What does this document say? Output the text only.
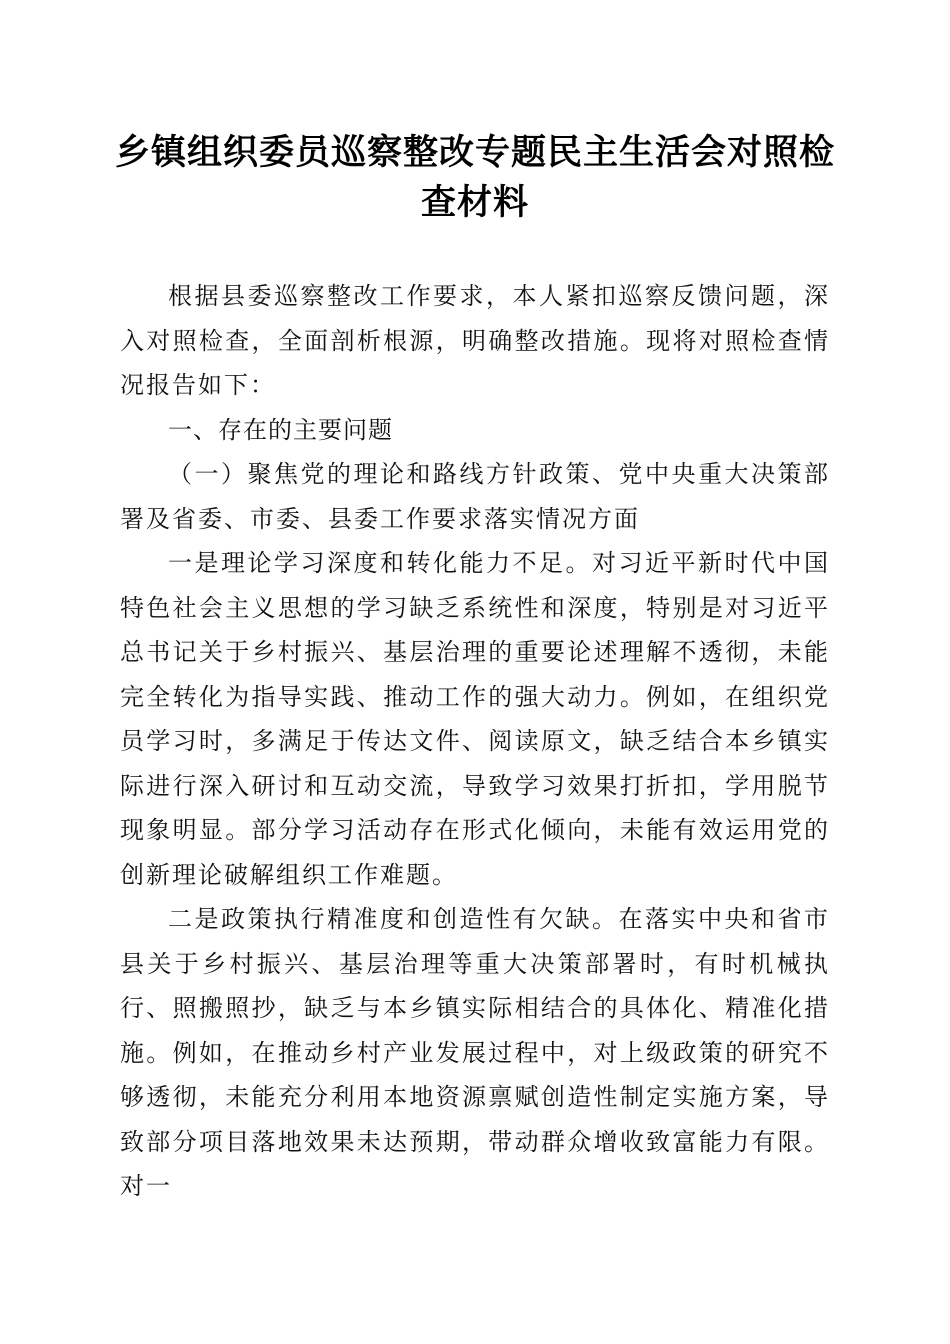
乡镇组织委员巡察整改专题民主生活会对照检查材料

根据县委巡察整改工作要求，本人紧扣巡察反馈问题，深入对照检查，全面剖析根源，明确整改措施。现将对照检查情况报告如下：

一、存在的主要问题

（一）聚焦党的理论和路线方针政策、党中央重大决策部署及省委、市委、县委工作要求落实情况方面

一是理论学习深度和转化能力不足。对习近平新时代中国特色社会主义思想的学习缺乏系统性和深度，特别是对习近平总书记关于乡村振兴、基层治理的重要论述理解不透彻，未能完全转化为指导实践、推动工作的强大动力。例如，在组织党员学习时，多满足于传达文件、阅读原文，缺乏结合本乡镇实际进行深入研讨和互动交流，导致学习效果打折扣，学用脱节现象明显。部分学习活动存在形式化倾向，未能有效运用党的创新理论破解组织工作难题。

二是政策执行精准度和创造性有欠缺。在落实中央和省市县关于乡村振兴、基层治理等重大决策部署时，有时机械执行、照搬照抄，缺乏与本乡镇实际相结合的具体化、精准化措施。例如，在推动乡村产业发展过程中，对上级政策的研究不够透彻，未能充分利用本地资源禀赋创造性制定实施方案，导致部分项目落地效果未达预期，带动群众增收致富能力有限。对一
